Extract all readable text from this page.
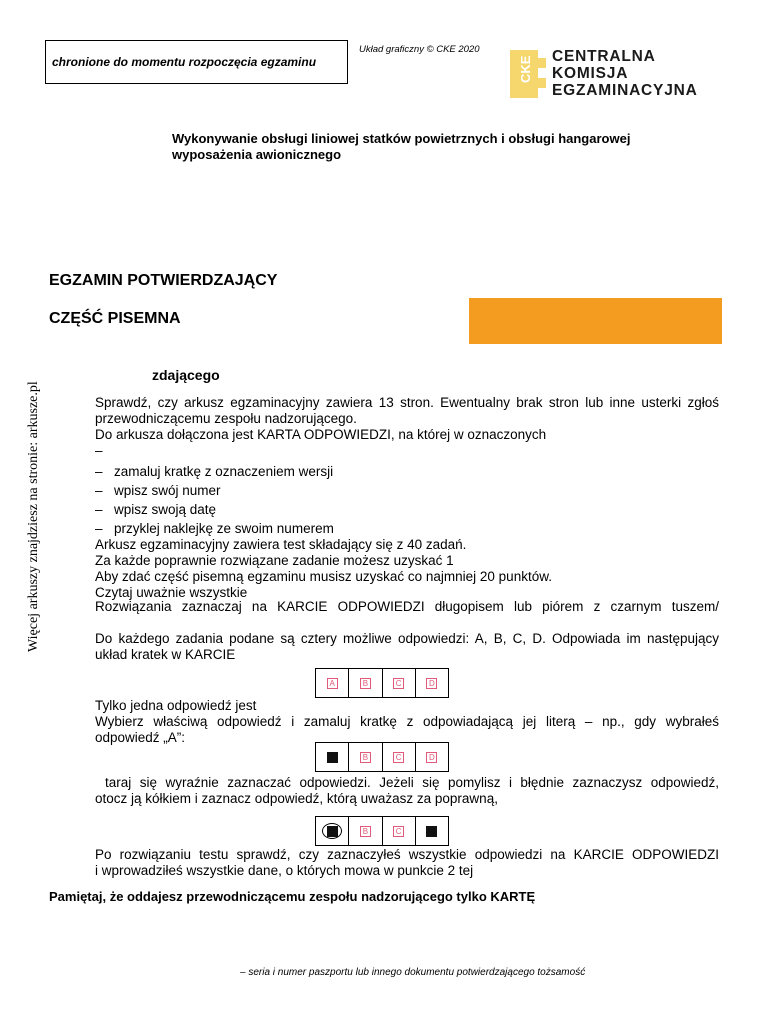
chronione do momentu rozpoczęcia egzaminu
Układ graficzny © CKE 2020
CKE CENTRALNA
KOMISJA
EGZAMINACYJNA
Wykonywanie obsługi liniowej statków powietrznych i obsługi hangarowej
wyposażenia awionicznego
EGZAMIN POTWIERDZAJĄCY
CZĘŚĆ PISEMNA
Więcej arkuszy znajdziesz na stronie: arkusze.pl
zdającego
Sprawdź, czy arkusz egzaminacyjny zawiera 13 stron. Ewentualny brak stron lub inne usterki zgłoś
przewodniczącemu zespołu nadzorującego.
Do arkusza dołączona jest KARTA ODPOWIEDZI, na której w oznaczonych
–
– zamaluj kratkę z oznaczeniem wersji
– wpisz swój numer
– wpisz swoją datę
– przyklej naklejkę ze swoim numerem
Arkusz egzaminacyjny zawiera test składający się z 40 zadań.
Za każde poprawnie rozwiązane zadanie możesz uzyskać 1
Aby zdać część pisemną egzaminu musisz uzyskać co najmniej 20 punktów.
Czytaj uważnie wszystkie
Rozwiązania zaznaczaj na KARCIE ODPOWIEDZI długopisem lub piórem z czarnym tuszem/
Do każdego zadania podane są cztery możliwe odpowiedzi: A, B, C, D. Odpowiada im następujący
układ kratek w KARCIE
A	B	C	D
Tylko jedna odpowiedź jest
Wybierz właściwą odpowiedź i zamaluj kratkę z odpowiadającą jej literą – np., gdy wybrałeś
odpowiedź „A”:
A	B	C	D
taraj się wyraźnie zaznaczać odpowiedzi. Jeżeli się pomylisz i błędnie zaznaczysz odpowiedź,
otocz ją kółkiem i zaznacz odpowiedź, którą uważasz za poprawną,
A	B	C	D
Po rozwiązaniu testu sprawdź, czy zaznaczyłeś wszystkie odpowiedzi na KARCIE ODPOWIEDZI
i wprowadziłeś wszystkie dane, o których mowa w punkcie 2 tej
Pamiętaj, że oddajesz przewodniczącemu zespołu nadzorującego tylko KARTĘ
– seria i numer paszportu lub innego dokumentu potwierdzającego tożsamość
